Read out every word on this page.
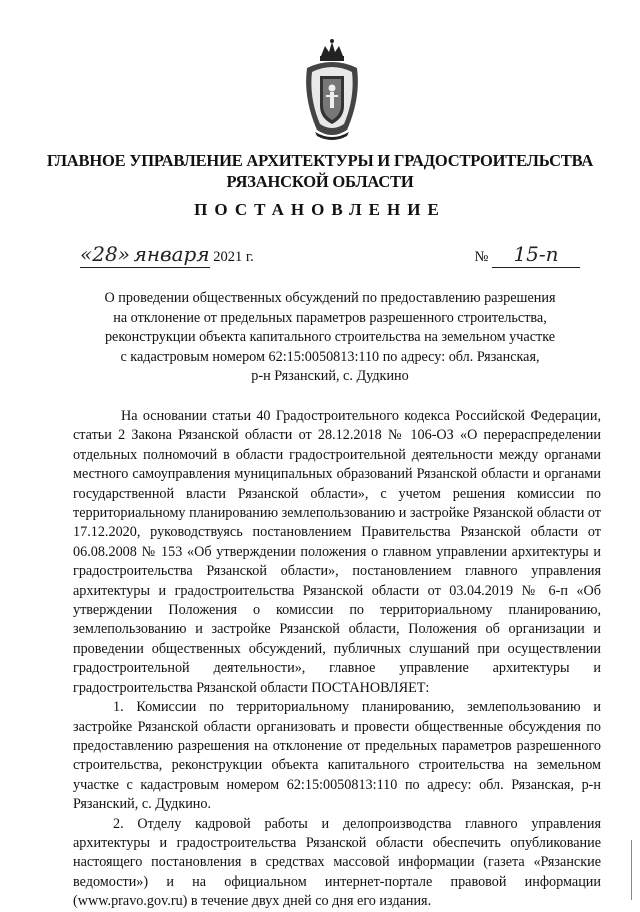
ГЛАВНОЕ УПРАВЛЕНИЕ АРХИТЕКТУРЫ И ГРАДОСТРОИТЕЛЬСТВА
РЯЗАНСКОЙ ОБЛАСТИ
ПОСТАНОВЛЕНИЕ
«28» января 2021 г.	№ 15-п
О проведении общественных обсуждений по предоставлению разрешения
на отклонение от предельных параметров разрешенного строительства,
реконструкции объекта капитального строительства на земельном участке
с кадастровым номером 62:15:0050813:110 по адресу: обл. Рязанская,
р-н Рязанский, с. Дудкино

На основании статьи 40 Градостроительного кодекса Российской Федерации, статьи 2 Закона Рязанской области от 28.12.2018 № 106-ОЗ «О перераспределении отдельных полномочий в области градостроительной деятельности между органами местного самоуправления муниципальных образований Рязанской области и органами государственной власти Рязанской области», с учетом решения комиссии по территориальному планированию землепользованию и застройке Рязанской области от 17.12.2020, руководствуясь постановлением Правительства Рязанской области от 06.08.2008 № 153 «Об утверждении положения о главном управлении архитектуры и градостроительства Рязанской области», постановлением главного управления архитектуры и градостроительства Рязанской области от 03.04.2019 № 6-п «Об утверждении Положения о комиссии по территориальному планированию, землепользованию и застройке Рязанской области, Положения об организации и проведении общественных обсуждений, публичных слушаний при осуществлении градостроительной деятельности», главное управление архитектуры и градостроительства Рязанской области ПОСТАНОВЛЯЕТ:

1. Комиссии по территориальному планированию, землепользованию и застройке Рязанской области организовать и провести общественные обсуждения по предоставлению разрешения на отклонение от предельных параметров разрешенного строительства, реконструкции объекта капитального строительства на земельном участке с кадастровым номером 62:15:0050813:110 по адресу: обл. Рязанская, р-н Рязанский, с. Дудкино.

2. Отделу кадровой работы и делопроизводства главного управления архитектуры и градостроительства Рязанской области обеспечить опубликование настоящего постановления в средствах массовой информации (газета «Рязанские ведомости») и на официальном интернет-портале правовой информации (www.pravo.gov.ru) в течение двух дней со дня его издания.
